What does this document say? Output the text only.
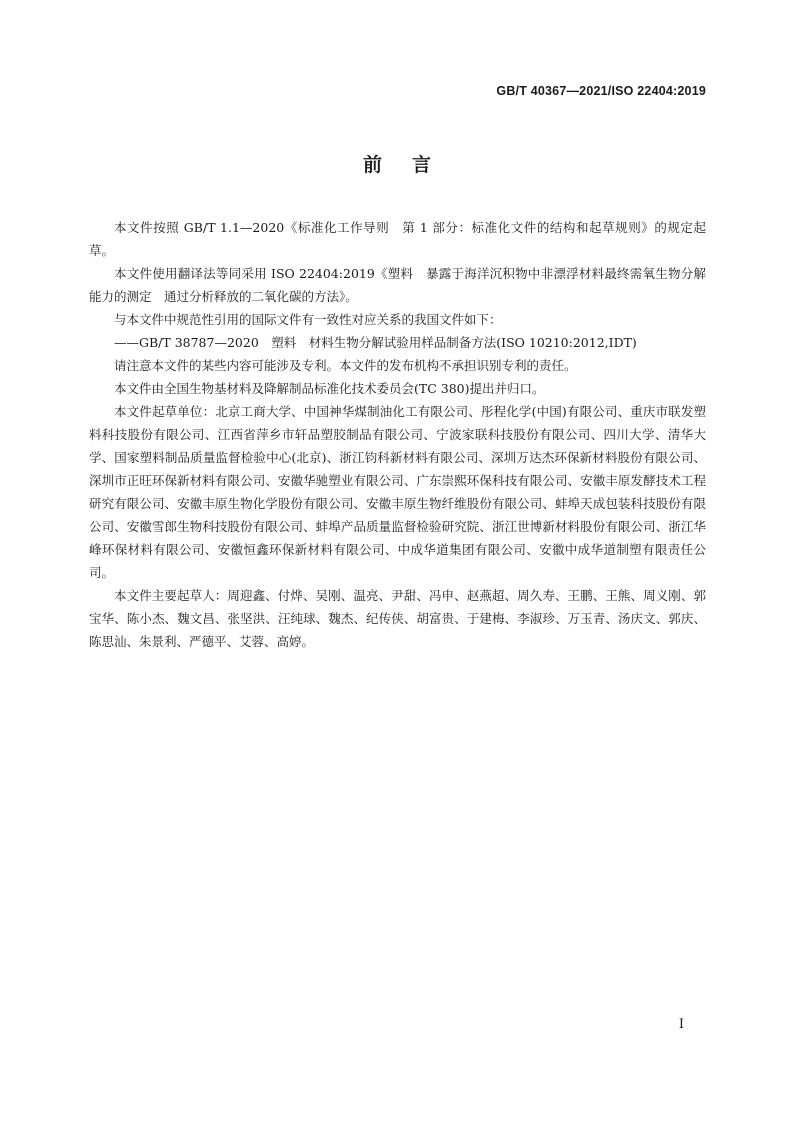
GB/T 40367—2021/ISO 22404:2019
前言

本文件按照 GB/T 1.1—2020《标准化工作导则　第 1 部分：标准化文件的结构和起草规则》的规定起草。

本文件使用翻译法等同采用 ISO 22404:2019《塑料　暴露于海洋沉积物中非漂浮材料最终需氧生物分解能力的测定　通过分析释放的二氧化碳的方法》。

与本文件中规范性引用的国际文件有一致性对应关系的我国文件如下：

——GB/T 38787—2020　塑料　材料生物分解试验用样品制备方法(ISO 10210:2012,IDT)

请注意本文件的某些内容可能涉及专利。本文件的发布机构不承担识别专利的责任。

本文件由全国生物基材料及降解制品标准化技术委员会(TC 380)提出并归口。

本文件起草单位：北京工商大学、中国神华煤制油化工有限公司、彤程化学(中国)有限公司、重庆市联发塑料科技股份有限公司、江西省萍乡市轩品塑胶制品有限公司、宁波家联科技股份有限公司、四川大学、清华大学、国家塑料制品质量监督检验中心(北京)、浙江钧科新材料有限公司、深圳万达杰环保新材料股份有限公司、深圳市正旺环保新材料有限公司、安徽华驰塑业有限公司、广东崇熙环保科技有限公司、安徽丰原发酵技术工程研究有限公司、安徽丰原生物化学股份有限公司、安徽丰原生物纤维股份有限公司、蚌埠天成包装科技股份有限公司、安徽雪郎生物科技股份有限公司、蚌埠产品质量监督检验研究院、浙江世博新材料股份有限公司、浙江华峰环保材料有限公司、安徽恒鑫环保新材料有限公司、中成华道集团有限公司、安徽中成华道制塑有限责任公司。

本文件主要起草人：周迎鑫、付烨、吴刚、温亮、尹甜、冯申、赵燕超、周久寿、王鹏、王熊、周义刚、郭宝华、陈小杰、魏文昌、张坚洪、汪纯球、魏杰、纪传侠、胡富贵、于建梅、李淑珍、万玉青、汤庆文、郭庆、陈思汕、朱景利、严德平、艾蓉、高婷。

I
